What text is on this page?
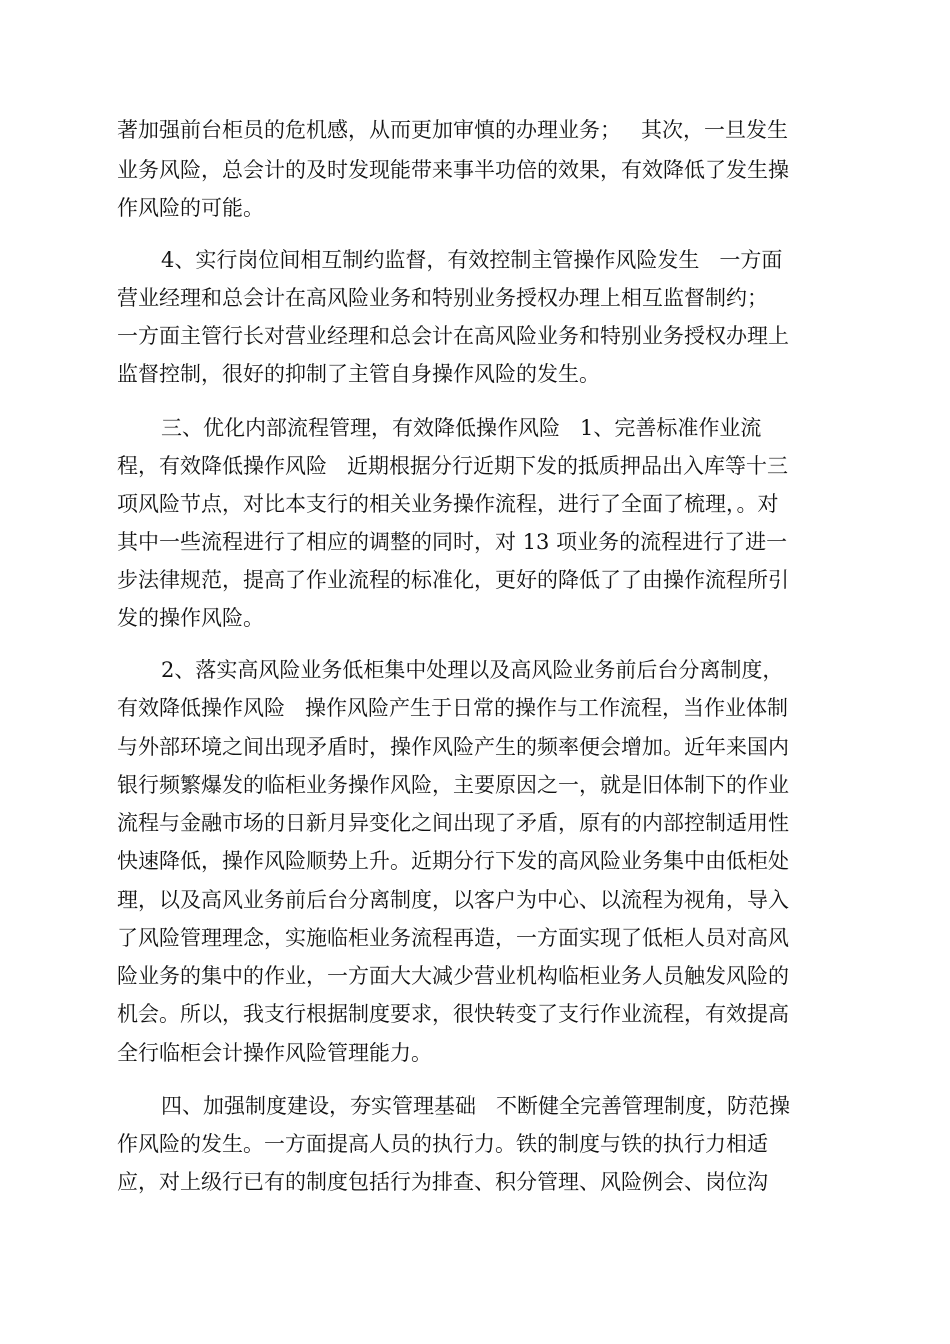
著加强前台柜员的危机感，从而更加审慎的办理业务；   其次，一旦发生
业务风险，总会计的及时发现能带来事半功倍的效果，有效降低了发生操
作风险的可能。
4、实行岗位间相互制约监督，有效控制主管操作风险发生   一方面
营业经理和总会计在高风险业务和特别业务授权办理上相互监督制约；
一方面主管行长对营业经理和总会计在高风险业务和特别业务授权办理上
监督控制，很好的抑制了主管自身操作风险的发生。
三、优化内部流程管理，有效降低操作风险   1、完善标准作业流
程，有效降低操作风险   近期根据分行近期下发的抵质押品出入库等十三
项风险节点，对比本支行的相关业务操作流程，进行了全面了梳理，。对
其中一些流程进行了相应的调整的同时，对 13 项业务的流程进行了进一
步法律规范，提高了作业流程的标准化，更好的降低了了由操作流程所引
发的操作风险。
2、落实高风险业务低柜集中处理以及高风险业务前后台分离制度，
有效降低操作风险   操作风险产生于日常的操作与工作流程，当作业体制
与外部环境之间出现矛盾时，操作风险产生的频率便会增加。近年来国内
银行频繁爆发的临柜业务操作风险，主要原因之一，就是旧体制下的作业
流程与金融市场的日新月异变化之间出现了矛盾，原有的内部控制适用性
快速降低，操作风险顺势上升。近期分行下发的高风险业务集中由低柜处
理，以及高风业务前后台分离制度，以客户为中心、以流程为视角，导入
了风险管理理念，实施临柜业务流程再造，一方面实现了低柜人员对高风
险业务的集中的作业，一方面大大减少营业机构临柜业务人员触发风险的
机会。所以，我支行根据制度要求，很快转变了支行作业流程，有效提高
全行临柜会计操作风险管理能力。
四、加强制度建设，夯实管理基础   不断健全完善管理制度，防范操
作风险的发生。一方面提高人员的执行力。铁的制度与铁的执行力相适
应，对上级行已有的制度包括行为排查、积分管理、风险例会、岗位沟
